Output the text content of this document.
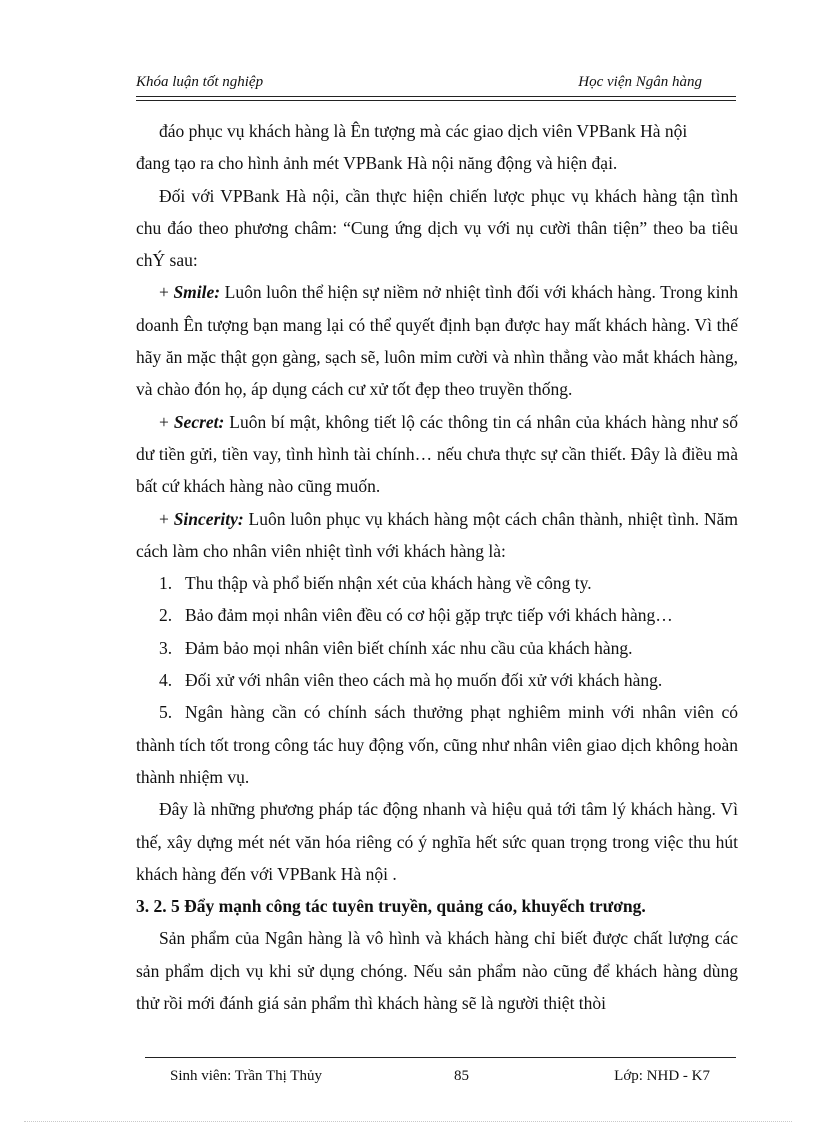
Khóa luận tốt nghiệp	Học viện Ngân hàng

đáo phục vụ khách hàng là Ên tượng mà các giao dịch viên VPBank Hà nội
đang tạo ra cho hình ảnh mét VPBank Hà nội năng động và hiện đại.

Đối với VPBank Hà nội, cần thực hiện chiến lược phục vụ khách hàng tận tình chu đáo theo phương châm: “Cung ứng dịch vụ với nụ cười thân tiện” theo ba tiêu chÝ sau:

+ Smile: Luôn luôn thể hiện sự niềm nở nhiệt tình đối với khách hàng. Trong kinh doanh Ên tượng bạn mang lại có thể quyết định bạn được hay mất khách hàng. Vì thế hãy ăn mặc thật gọn gàng, sạch sẽ, luôn mỉm cười và nhìn thẳng vào mắt khách hàng, và chào đón họ, áp dụng cách cư xử tốt đẹp theo truyền thống.

+ Secret: Luôn bí mật, không tiết lộ các thông tin cá nhân của khách hàng như số dư tiền gửi, tiền vay, tình hình tài chính… nếu chưa thực sự cần thiết. Đây là điều mà bất cứ khách hàng nào cũng muốn.

+ Sincerity: Luôn luôn phục vụ khách hàng một cách chân thành, nhiệt tình. Năm cách làm cho nhân viên nhiệt tình với khách hàng là:

1. Thu thập và phổ biến nhận xét của khách hàng về công ty.

2. Bảo đảm mọi nhân viên đều có cơ hội gặp trực tiếp với khách hàng…

3. Đảm bảo mọi nhân viên biết chính xác nhu cầu của khách hàng.

4. Đối xử với nhân viên theo cách mà họ muốn đối xử với khách hàng.

5. Ngân hàng cần có chính sách thưởng phạt nghiêm minh với nhân viên có thành tích tốt trong công tác huy động vốn, cũng như nhân viên giao dịch không hoàn thành nhiệm vụ.

Đây là những phương pháp tác động nhanh và hiệu quả tới tâm lý khách hàng. Vì thế, xây dựng mét nét văn hóa riêng có ý nghĩa hết sức quan trọng trong việc thu hút khách hàng đến với VPBank Hà nội .

3. 2. 5 Đẩy mạnh công tác tuyên truyền, quảng cáo, khuyếch trương.

Sản phẩm của Ngân hàng là vô hình và khách hàng chỉ biết được chất lượng các sản phẩm dịch vụ khi sử dụng chóng. Nếu sản phẩm nào cũng để khách hàng dùng thử rồi mới đánh giá sản phẩm thì khách hàng sẽ là người thiệt thòi

Sinh viên: Trần Thị Thủy	85	Lớp: NHD - K7
